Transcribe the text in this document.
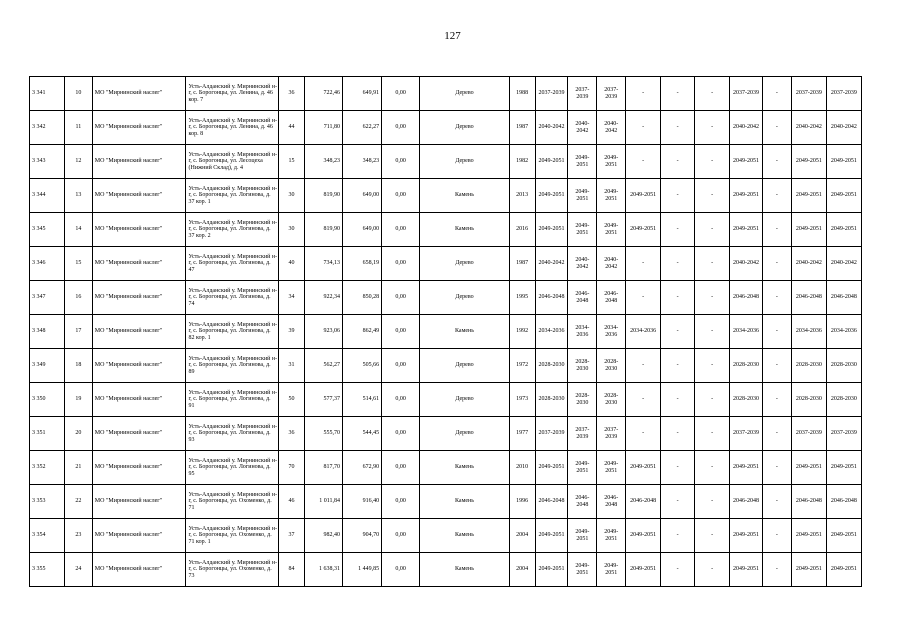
127
3 341	10	МО "Мирнинский наслег"	Усть-Алданский у. Мирнинский н-г, с. Борогонцы, ул. Ленина, д. 46 кор. 7	36	722,46	649,91	0,00	Дерево	1988	2037-2039	2037-2039	2037-2039	-	-	-	2037-2039	-	2037-2039	2037-2039
3 342	11	МО "Мирнинский наслег"	Усть-Алданский у. Мирнинский н-г, с. Борогонцы, ул. Ленина, д. 46 кор. 8	44	711,80	622,27	0,00	Дерево	1987	2040-2042	2040-2042	2040-2042	-	-	-	2040-2042	-	2040-2042	2040-2042
3 343	12	МО "Мирнинский наслег"	Усть-Алданский у. Мирнинский н-г, с. Борогонцы, ул. Лесоцеха (Нижний Склад), д. 4	15	348,23	348,23	0,00	Дерево	1982	2049-2051	2049-2051	2049-2051	-	-	-	2049-2051	-	2049-2051	2049-2051
3 344	13	МО "Мирнинский наслег"	Усть-Алданский у. Мирнинский н-г, с. Борогонцы, ул. Логинова, д. 37 кор. 1	30	819,90	649,00	0,00	Камень	2013	2049-2051	2049-2051	2049-2051	2049-2051	-	-	2049-2051	-	2049-2051	2049-2051
3 345	14	МО "Мирнинский наслег"	Усть-Алданский у. Мирнинский н-г, с. Борогонцы, ул. Логинова, д. 37 кор. 2	30	819,90	649,00	0,00	Камень	2016	2049-2051	2049-2051	2049-2051	2049-2051	-	-	2049-2051	-	2049-2051	2049-2051
3 346	15	МО "Мирнинский наслег"	Усть-Алданский у. Мирнинский н-г, с. Борогонцы, ул. Логинова, д. 47	40	734,13	658,19	0,00	Дерево	1987	2040-2042	2040-2042	2040-2042	-	-	-	2040-2042	-	2040-2042	2040-2042
3 347	16	МО "Мирнинский наслег"	Усть-Алданский у. Мирнинский н-г, с. Борогонцы, ул. Логинова, д. 74	34	922,34	850,28	0,00	Дерево	1995	2046-2048	2046-2048	2046-2048	-	-	-	2046-2048	-	2046-2048	2046-2048
3 348	17	МО "Мирнинский наслег"	Усть-Алданский у. Мирнинский н-г, с. Борогонцы, ул. Логинова, д. 82 кор. 1	39	923,06	862,49	0,00	Камень	1992	2034-2036	2034-2036	2034-2036	2034-2036	-	-	2034-2036	-	2034-2036	2034-2036
3 349	18	МО "Мирнинский наслег"	Усть-Алданский у. Мирнинский н-г, с. Борогонцы, ул. Логинова, д. 89	31	562,27	505,66	0,00	Дерево	1972	2028-2030	2028-2030	2028-2030	-	-	-	2028-2030	-	2028-2030	2028-2030
3 350	19	МО "Мирнинский наслег"	Усть-Алданский у. Мирнинский н-г, с. Борогонцы, ул. Логинова, д. 91	50	577,37	514,61	0,00	Дерево	1973	2028-2030	2028-2030	2028-2030	-	-	-	2028-2030	-	2028-2030	2028-2030
3 351	20	МО "Мирнинский наслег"	Усть-Алданский у. Мирнинский н-г, с. Борогонцы, ул. Логинова, д. 93	36	555,70	544,45	0,00	Дерево	1977	2037-2039	2037-2039	2037-2039	-	-	-	2037-2039	-	2037-2039	2037-2039
3 352	21	МО "Мирнинский наслег"	Усть-Алданский у. Мирнинский н-г, с. Борогонцы, ул. Логинова, д. 95	70	817,70	672,90	0,00	Камень	2010	2049-2051	2049-2051	2049-2051	2049-2051	-	-	2049-2051	-	2049-2051	2049-2051
3 353	22	МО "Мирнинский наслег"	Усть-Алданский у. Мирнинский н-г, с. Борогонцы, ул. Охоменко, д. 71	46	1 011,84	916,40	0,00	Камень	1996	2046-2048	2046-2048	2046-2048	2046-2048	-	-	2046-2048	-	2046-2048	2046-2048
3 354	23	МО "Мирнинский наслег"	Усть-Алданский у. Мирнинский н-г, с. Борогонцы, ул. Охоменко, д. 71 кор. 1	37	982,40	904,70	0,00	Камень	2004	2049-2051	2049-2051	2049-2051	2049-2051	-	-	2049-2051	-	2049-2051	2049-2051
3 355	24	МО "Мирнинский наслег"	Усть-Алданский у. Мирнинский н-г, с. Борогонцы, ул. Охоменко, д. 73	84	1 638,31	1 449,85	0,00	Камень	2004	2049-2051	2049-2051	2049-2051	2049-2051	-	-	2049-2051	-	2049-2051	2049-2051
